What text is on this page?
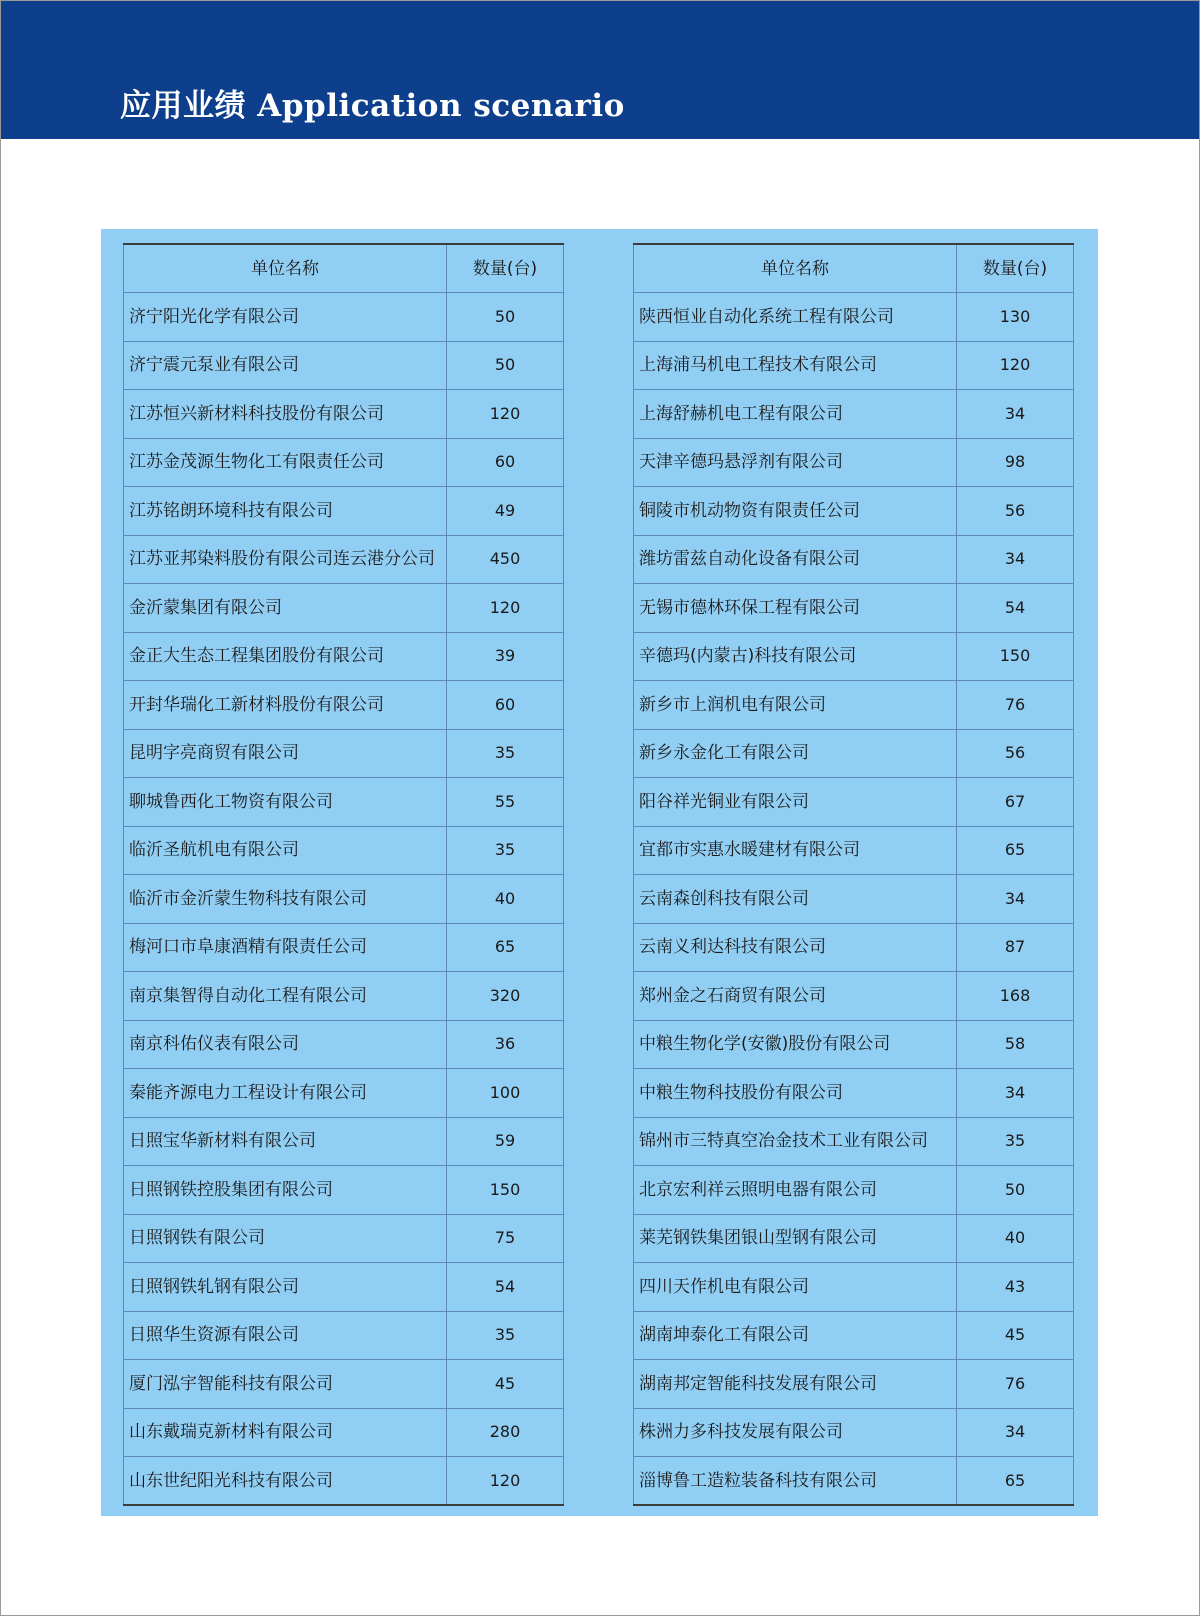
应用业绩 Application scenario
单位名称	数量(台)
济宁阳光化学有限公司	50
济宁震元泵业有限公司	50
江苏恒兴新材料科技股份有限公司	120
江苏金茂源生物化工有限责任公司	60
江苏铭朗环境科技有限公司	49
江苏亚邦染料股份有限公司连云港分公司	450
金沂蒙集团有限公司	120
金正大生态工程集团股份有限公司	39
开封华瑞化工新材料股份有限公司	60
昆明字亮商贸有限公司	35
聊城鲁西化工物资有限公司	55
临沂圣航机电有限公司	35
临沂市金沂蒙生物科技有限公司	40
梅河口市阜康酒精有限责任公司	65
南京集智得自动化工程有限公司	320
南京科佑仪表有限公司	36
秦能齐源电力工程设计有限公司	100
日照宝华新材料有限公司	59
日照钢铁控股集团有限公司	150
日照钢铁有限公司	75
日照钢铁轧钢有限公司	54
日照华生资源有限公司	35
厦门泓宇智能科技有限公司	45
山东戴瑞克新材料有限公司	280
山东世纪阳光科技有限公司	120
单位名称	数量(台)
陕西恒业自动化系统工程有限公司	130
上海浦马机电工程技术有限公司	120
上海舒赫机电工程有限公司	34
天津辛德玛悬浮剂有限公司	98
铜陵市机动物资有限责任公司	56
潍坊雷兹自动化设备有限公司	34
无锡市德林环保工程有限公司	54
辛德玛(内蒙古)科技有限公司	150
新乡市上润机电有限公司	76
新乡永金化工有限公司	56
阳谷祥光铜业有限公司	67
宜都市实惠水暖建材有限公司	65
云南森创科技有限公司	34
云南义利达科技有限公司	87
郑州金之石商贸有限公司	168
中粮生物化学(安徽)股份有限公司	58
中粮生物科技股份有限公司	34
锦州市三特真空冶金技术工业有限公司	35
北京宏利祥云照明电器有限公司	50
莱芜钢铁集团银山型钢有限公司	40
四川天作机电有限公司	43
湖南坤泰化工有限公司	45
湖南邦定智能科技发展有限公司	76
株洲力多科技发展有限公司	34
淄博鲁工造粒装备科技有限公司	65
